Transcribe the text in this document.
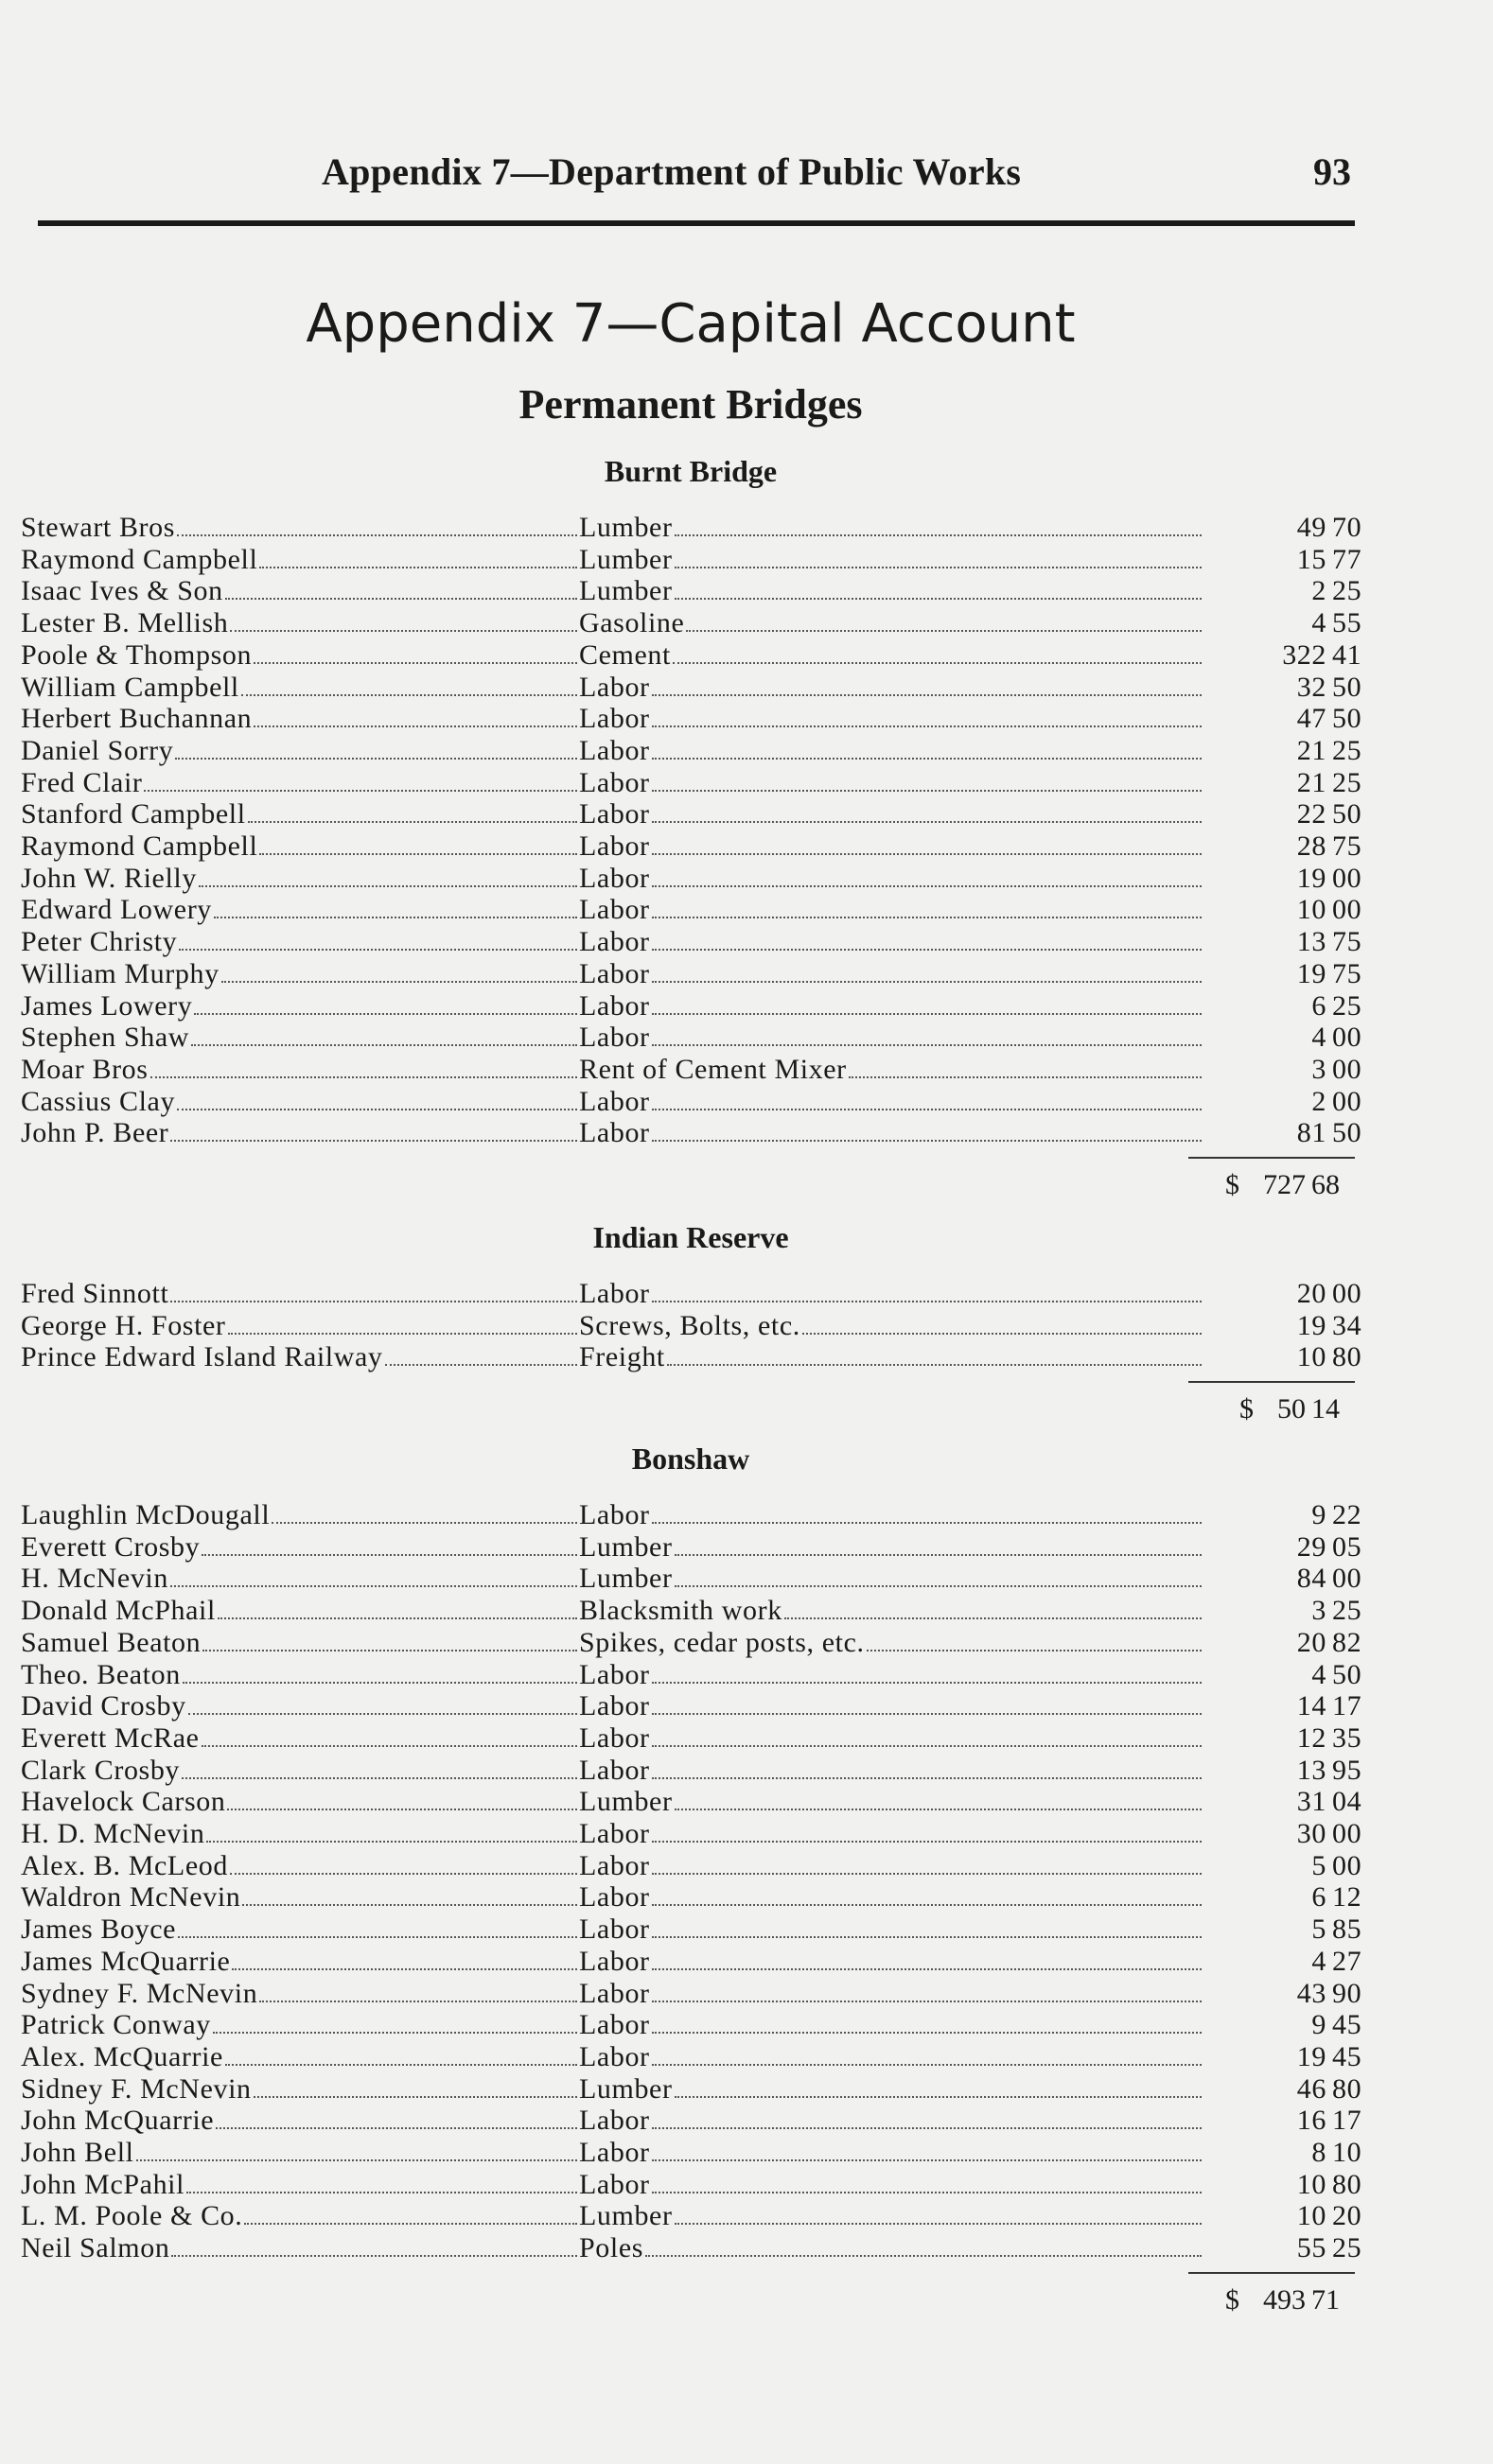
Appendix 7—Department of Public Works	93
Appendix 7—Capital Account
Permanent Bridges
Burnt Bridge
Stewart Bros	Lumber	49 70
Raymond Campbell	Lumber	15 77
Isaac Ives & Son	Lumber	2 25
Lester B. Mellish	Gasoline	4 55
Poole & Thompson	Cement	322 41
William Campbell	Labor	32 50
Herbert Buchannan	Labor	47 50
Daniel Sorry	Labor	21 25
Fred Clair	Labor	21 25
Stanford Campbell	Labor	22 50
Raymond Campbell	Labor	28 75
John W. Rielly	Labor	19 00
Edward Lowery	Labor	10 00
Peter Christy	Labor	13 75
William Murphy	Labor	19 75
James Lowery	Labor	6 25
Stephen Shaw	Labor	4 00
Moar Bros	Rent of Cement Mixer	3 00
Cassius Clay	Labor	2 00
John P. Beer	Labor	81 50
$ 727 68
Indian Reserve
Fred Sinnott	Labor	20 00
George H. Foster	Screws, Bolts, etc.	19 34
Prince Edward Island Railway	Freight	10 80
$ 50 14
Bonshaw
Laughlin McDougall	Labor	9 22
Everett Crosby	Lumber	29 05
H. McNevin	Lumber	84 00
Donald McPhail	Blacksmith work	3 25
Samuel Beaton	Spikes, cedar posts, etc.	20 82
Theo. Beaton	Labor	4 50
David Crosby	Labor	14 17
Everett McRae	Labor	12 35
Clark Crosby	Labor	13 95
Havelock Carson	Lumber	31 04
H. D. McNevin	Labor	30 00
Alex. B. McLeod	Labor	5 00
Waldron McNevin	Labor	6 12
James Boyce	Labor	5 85
James McQuarrie	Labor	4 27
Sydney F. McNevin	Labor	43 90
Patrick Conway	Labor	9 45
Alex. McQuarrie	Labor	19 45
Sidney F. McNevin	Lumber	46 80
John McQuarrie	Labor	16 17
John Bell	Labor	8 10
John McPahil	Labor	10 80
L. M. Poole & Co.	Lumber	10 20
Neil Salmon	Poles	55 25
$ 493 71
